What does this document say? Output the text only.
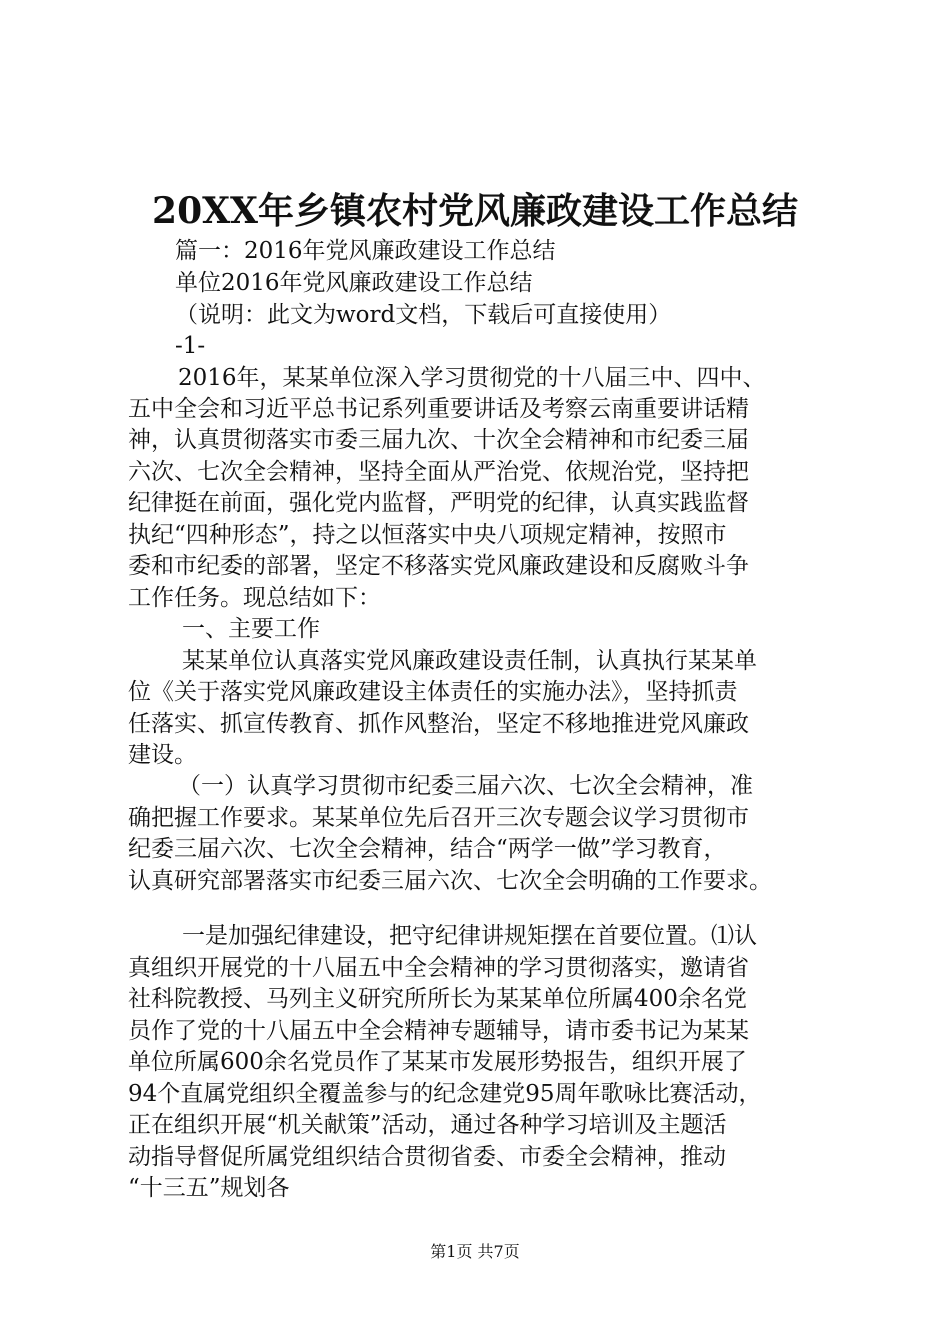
20XX年乡镇农村党风廉政建设工作总结
篇一：2016年党风廉政建设工作总结
单位2016年党风廉政建设工作总结
（说明：此文为word文档，下载后可直接使用）
-1-
2016年，某某单位深入学习贯彻党的十八届三中、四中、
五中全会和习近平总书记系列重要讲话及考察云南重要讲话精
神，认真贯彻落实市委三届九次、十次全会精神和市纪委三届
六次、七次全会精神，坚持全面从严治党、依规治党，坚持把
纪律挺在前面，强化党内监督，严明党的纪律，认真实践监督
执纪“四种形态”，持之以恒落实中央八项规定精神，按照市
委和市纪委的部署，坚定不移落实党风廉政建设和反腐败斗争
工作任务。现总结如下：
一、主要工作
某某单位认真落实党风廉政建设责任制，认真执行某某单
位《关于落实党风廉政建设主体责任的实施办法》，坚持抓责
任落实、抓宣传教育、抓作风整治，坚定不移地推进党风廉政
建设。
（一）认真学习贯彻市纪委三届六次、七次全会精神，准
确把握工作要求。某某单位先后召开三次专题会议学习贯彻市
纪委三届六次、七次全会精神，结合“两学一做”学习教育，
认真研究部署落实市纪委三届六次、七次全会明确的工作要求。
一是加强纪律建设，把守纪律讲规矩摆在首要位置。⑴认
真组织开展党的十八届五中全会精神的学习贯彻落实，邀请省
社科院教授、马列主义研究所所长为某某单位所属400余名党
员作了党的十八届五中全会精神专题辅导，请市委书记为某某
单位所属600余名党员作了某某市发展形势报告，组织开展了
94个直属党组织全覆盖参与的纪念建党95周年歌咏比赛活动，
正在组织开展“机关献策”活动，通过各种学习培训及主题活
动指导督促所属党组织结合贯彻省委、市委全会精神，推动
“十三五”规划各
第1页 共7页
